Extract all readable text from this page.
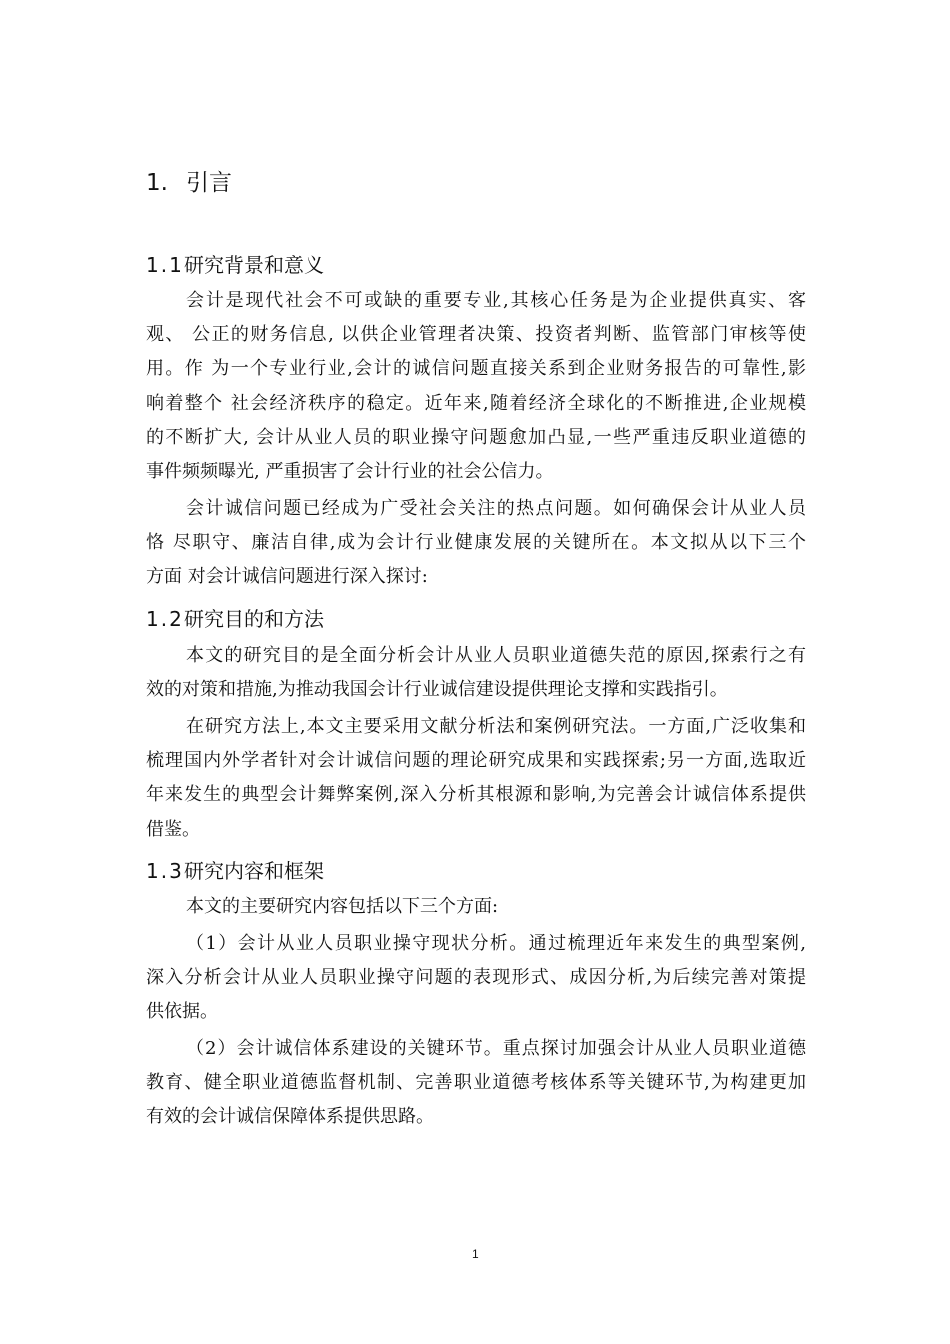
1. 引言
1.1研究背景和意义
会计是现代社会不可或缺的重要专业,其核心任务是为企业提供真实、客
观、 公正的财务信息, 以供企业管理者决策、投资者判断、监管部门审核等使
用。作 为一个专业行业,会计的诚信问题直接关系到企业财务报告的可靠性,影
响着整个 社会经济秩序的稳定。近年来,随着经济全球化的不断推进,企业规模
的不断扩大, 会计从业人员的职业操守问题愈加凸显,一些严重违反职业道德的
事件频频曝光, 严重损害了会计行业的社会公信力。
会计诚信问题已经成为广受社会关注的热点问题。如何确保会计从业人员
恪 尽职守、廉洁自律,成为会计行业健康发展的关键所在。本文拟从以下三个
方面 对会计诚信问题进行深入探讨:
1.2研究目的和方法
本文的研究目的是全面分析会计从业人员职业道德失范的原因,探索行之有
效的对策和措施,为推动我国会计行业诚信建设提供理论支撑和实践指引。
在研究方法上,本文主要采用文献分析法和案例研究法。一方面,广泛收集和
梳理国内外学者针对会计诚信问题的理论研究成果和实践探索;另一方面,选取近
年来发生的典型会计舞弊案例,深入分析其根源和影响,为完善会计诚信体系提供
借鉴。
1.3研究内容和框架
本文的主要研究内容包括以下三个方面:
（1）会计从业人员职业操守现状分析。通过梳理近年来发生的典型案例,
深入分析会计从业人员职业操守问题的表现形式、成因分析,为后续完善对策提
供依据。
（2）会计诚信体系建设的关键环节。重点探讨加强会计从业人员职业道德
教育、健全职业道德监督机制、完善职业道德考核体系等关键环节,为构建更加
有效的会计诚信保障体系提供思路。
1
